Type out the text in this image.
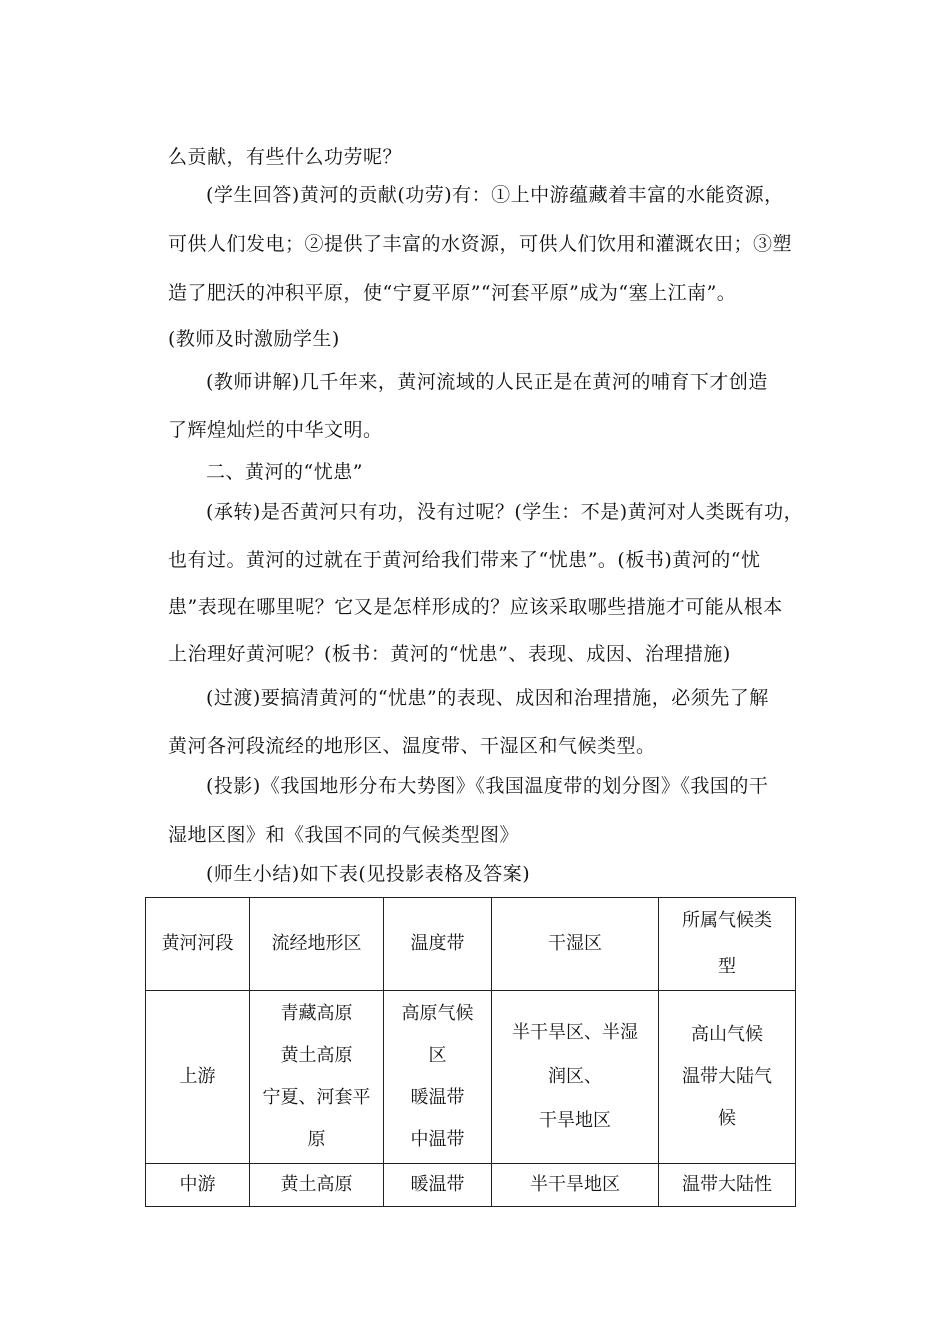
么贡献，有些什么功劳呢？
(学生回答)黄河的贡献(功劳)有：①上中游蕴藏着丰富的水能资源，
可供人们发电；②提供了丰富的水资源，可供人们饮用和灌溉农田；③塑
造了肥沃的冲积平原，使“宁夏平原”“河套平原”成为“塞上江南”。
(教师及时激励学生)
(教师讲解)几千年来，黄河流域的人民正是在黄河的哺育下才创造
了辉煌灿烂的中华文明。
二、黄河的“忧患”
(承转)是否黄河只有功，没有过呢？(学生：不是)黄河对人类既有功，
也有过。黄河的过就在于黄河给我们带来了“忧患”。(板书)黄河的“忧
患”表现在哪里呢？它又是怎样形成的？应该采取哪些措施才可能从根本
上治理好黄河呢？(板书：黄河的“忧患”、表现、成因、治理措施)
(过渡)要搞清黄河的“忧患”的表现、成因和治理措施，必须先了解
黄河各河段流经的地形区、温度带、干湿区和气候类型。
(投影)《我国地形分布大势图》《我国温度带的划分图》《我国的干
湿地区图》和《我国不同的气候类型图》
(师生小结)如下表(见投影表格及答案)
黄河河段	流经地形区	温度带	干湿区	所属气候类
型

上游	青藏高原
黄土高原
宁夏、河套平
原	高原气候
区
暖温带
中温带	半干旱区、半湿
润区、
干旱地区	高山气候
温带大陆气
候

中游	黄土高原	暖温带	半干旱地区	温带大陆性
